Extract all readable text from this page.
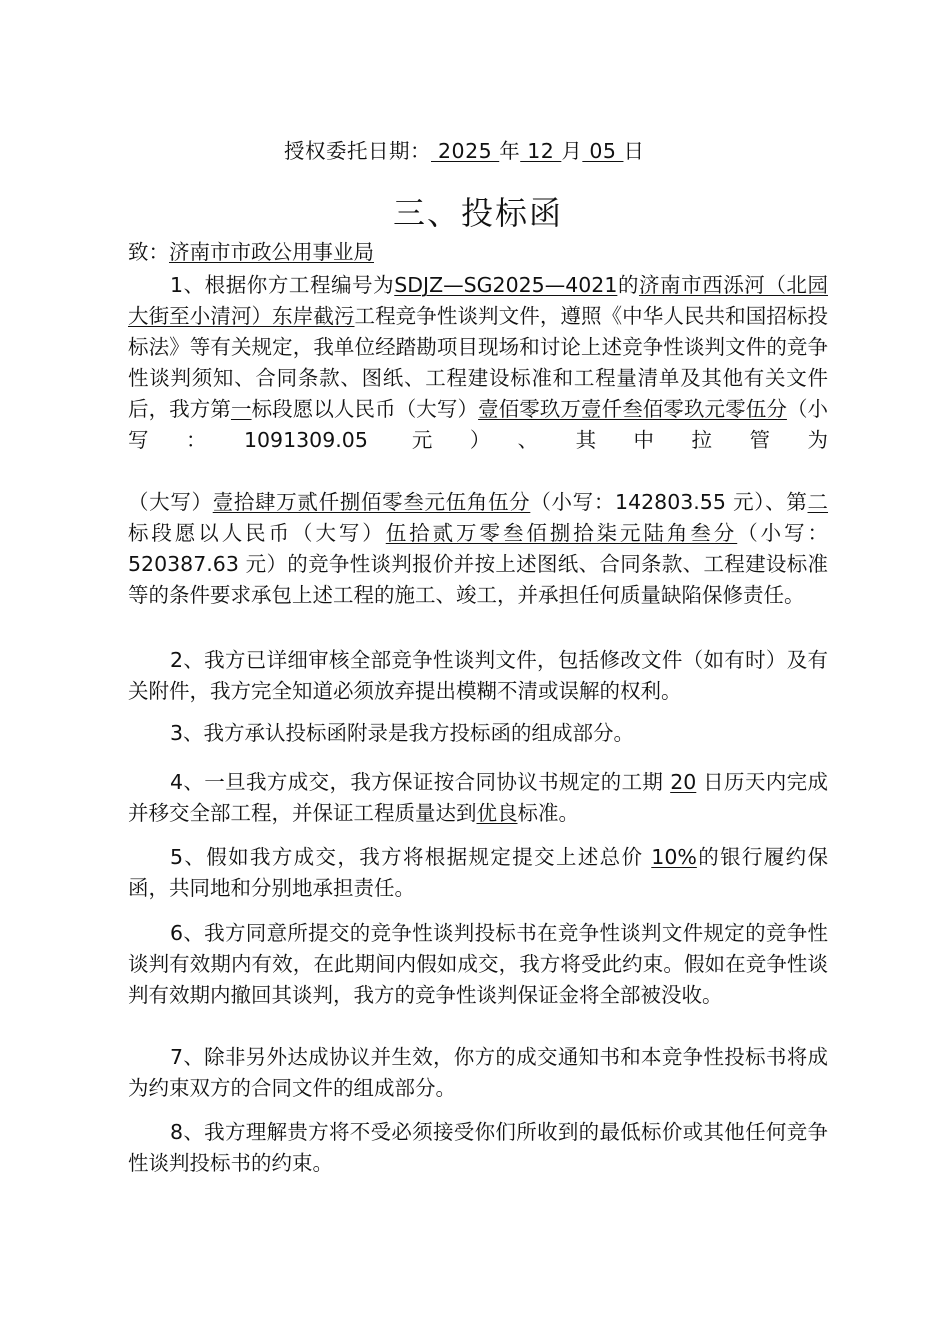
授权委托日期： 2025 年 12 月 05 日
三、投标函
致：济南市市政公用事业局
1、根据你方工程编号为SDJZ—SG2025—4021的济南市西泺河（北园大街至小清河）东岸截污工程竞争性谈判文件，遵照《中华人民共和国招标投标法》等有关规定，我单位经踏勘项目现场和讨论上述竞争性谈判文件的竞争性谈判须知、合同条款、图纸、工程建设标准和工程量清单及其他有关文件后，我方第一标段愿以人民币（大写）壹佰零玖万壹仟叁佰零玖元零伍分（小写：1091309.05 元）、其中拉管为（大写）壹拾肆万贰仟捌佰零叁元伍角伍分（小写：142803.55 元）、第二标段愿以人民币（大写）伍拾贰万零叁佰捌拾柒元陆角叁分（小写：520387.63 元）的竞争性谈判报价并按上述图纸、合同条款、工程建设标准等的条件要求承包上述工程的施工、竣工，并承担任何质量缺陷保修责任。
2、我方已详细审核全部竞争性谈判文件，包括修改文件（如有时）及有关附件，我方完全知道必须放弃提出模糊不清或误解的权利。
3、我方承认投标函附录是我方投标函的组成部分。
4、一旦我方成交，我方保证按合同协议书规定的工期 20 日历天内完成并移交全部工程，并保证工程质量达到优良标准。
5、假如我方成交，我方将根据规定提交上述总价 10%的银行履约保函，共同地和分别地承担责任。
6、我方同意所提交的竞争性谈判投标书在竞争性谈判文件规定的竞争性谈判有效期内有效，在此期间内假如成交，我方将受此约束。假如在竞争性谈判有效期内撤回其谈判，我方的竞争性谈判保证金将全部被没收。
7、除非另外达成协议并生效，你方的成交通知书和本竞争性投标书将成为约束双方的合同文件的组成部分。
8、我方理解贵方将不受必须接受你们所收到的最低标价或其他任何竞争性谈判投标书的约束。
